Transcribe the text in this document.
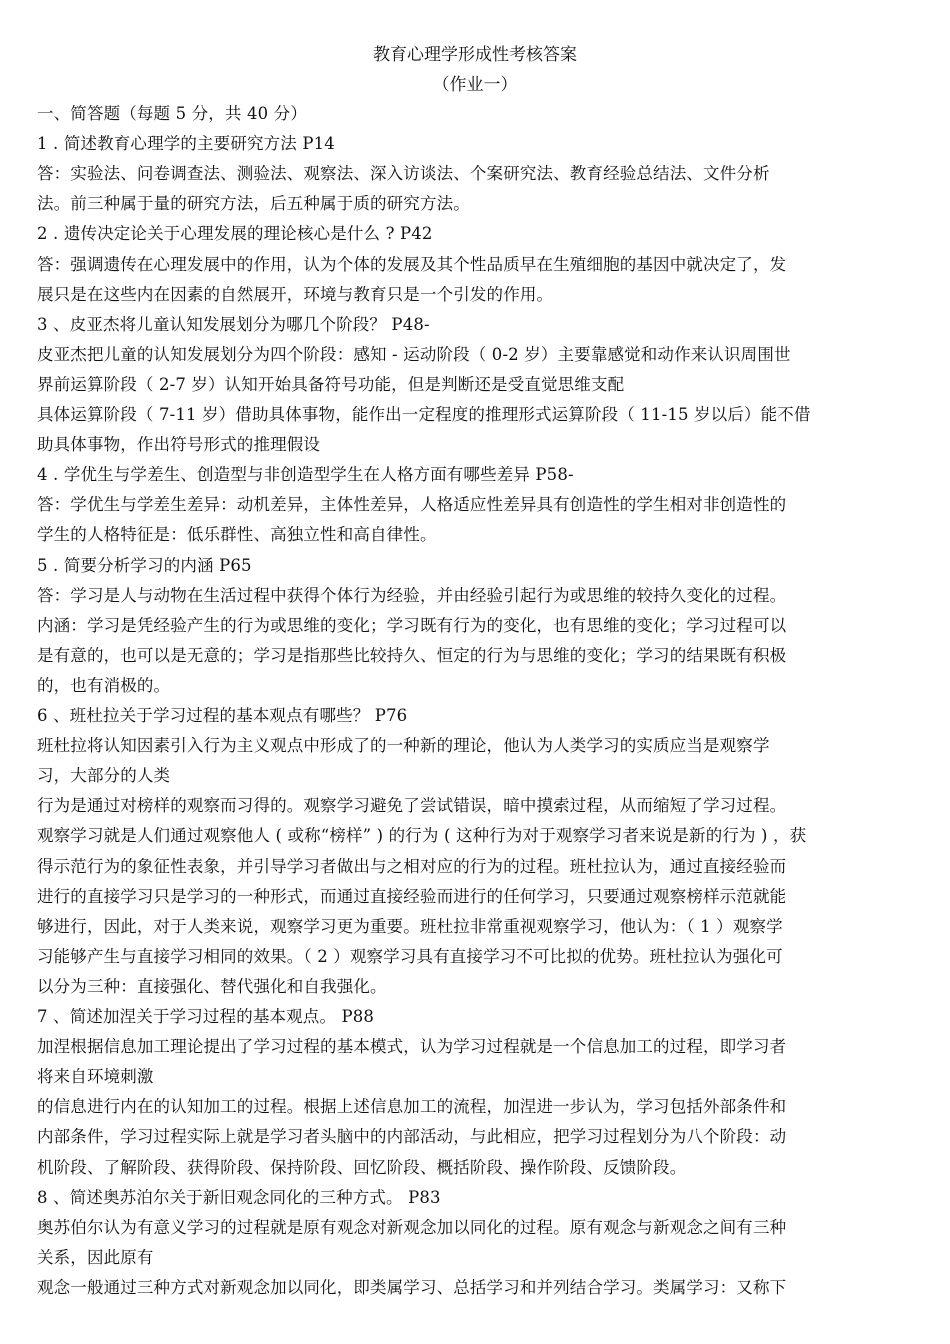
教育心理学形成性考核答案
（作业一）
一、简答题（每题 5 分，共 40 分）
1 . 简述教育心理学的主要研究方法 P14
答：实验法、问卷调查法、测验法、观察法、深入访谈法、个案研究法、教育经验总结法、文件分析
法。前三种属于量的研究方法，后五种属于质的研究方法。
2 . 遗传决定论关于心理发展的理论核心是什么 ? P42
答：强调遗传在心理发展中的作用，认为个体的发展及其个性品质早在生殖细胞的基因中就决定了，发
展只是在这些内在因素的自然展开，环境与教育只是一个引发的作用。
3 、皮亚杰将儿童认知发展划分为哪几个阶段？ P48-
皮亚杰把儿童的认知发展划分为四个阶段：感知 - 运动阶段（ 0-2 岁）主要靠感觉和动作来认识周围世
界前运算阶段（ 2-7 岁）认知开始具备符号功能，但是判断还是受直觉思维支配
具体运算阶段（ 7-11 岁）借助具体事物，能作出一定程度的推理形式运算阶段（ 11-15 岁以后）能不借
助具体事物，作出符号形式的推理假设
4 . 学优生与学差生、创造型与非创造型学生在人格方面有哪些差异 P58-
答：学优生与学差生差异：动机差异，主体性差异，人格适应性差异具有创造性的学生相对非创造性的
学生的人格特征是：低乐群性、高独立性和高自律性。
5 . 简要分析学习的内涵 P65
答：学习是人与动物在生活过程中获得个体行为经验，并由经验引起行为或思维的较持久变化的过程。
内涵：学习是凭经验产生的行为或思维的变化；学习既有行为的变化，也有思维的变化；学习过程可以
是有意的，也可以是无意的；学习是指那些比较持久、恒定的行为与思维的变化；学习的结果既有积极
的，也有消极的。
6 、班杜拉关于学习过程的基本观点有哪些？ P76
班杜拉将认知因素引入行为主义观点中形成了的一种新的理论，他认为人类学习的实质应当是观察学
习，大部分的人类
行为是通过对榜样的观察而习得的。观察学习避免了尝试错误，暗中摸索过程，从而缩短了学习过程。
观察学习就是人们通过观察他人 ( 或称“榜样” ) 的行为 ( 这种行为对于观察学习者来说是新的行为 ) ，获
得示范行为的象征性表象，并引导学习者做出与之相对应的行为的过程。班杜拉认为，通过直接经验而
进行的直接学习只是学习的一种形式，而通过直接经验而进行的任何学习，只要通过观察榜样示范就能
够进行，因此，对于人类来说，观察学习更为重要。班杜拉非常重视观察学习，他认为：（ 1 ）观察学
习能够产生与直接学习相同的效果。（ 2 ）观察学习具有直接学习不可比拟的优势。班杜拉认为强化可
以分为三种：直接强化、替代强化和自我强化。
7 、简述加涅关于学习过程的基本观点。 P88
加涅根据信息加工理论提出了学习过程的基本模式，认为学习过程就是一个信息加工的过程，即学习者
将来自环境刺激
的信息进行内在的认知加工的过程。根据上述信息加工的流程，加涅进一步认为，学习包括外部条件和
内部条件，学习过程实际上就是学习者头脑中的内部活动，与此相应，把学习过程划分为八个阶段：动
机阶段、了解阶段、获得阶段、保持阶段、回忆阶段、概括阶段、操作阶段、反馈阶段。
8 、简述奥苏泊尔关于新旧观念同化的三种方式。 P83
奥苏伯尔认为有意义学习的过程就是原有观念对新观念加以同化的过程。原有观念与新观念之间有三种
关系，因此原有
观念一般通过三种方式对新观念加以同化，即类属学习、总括学习和并列结合学习。类属学习：又称下
